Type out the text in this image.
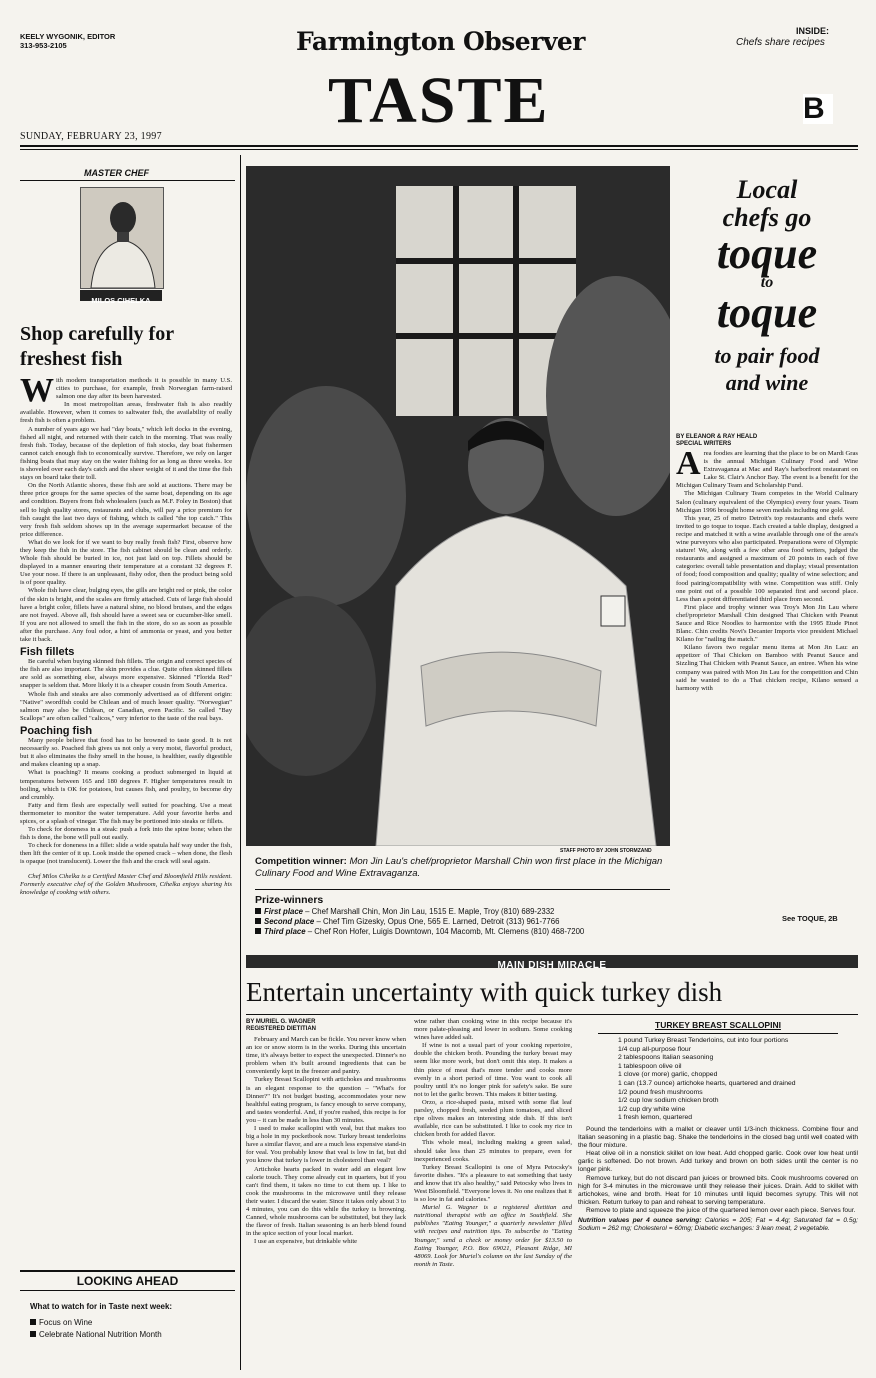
KEELY WYGONIK, EDITOR
313-953-2105	Farmington Observer
TASTE	B
INSIDE:
Chefs share recipes
SUNDAY, FEBRUARY 23, 1997
MASTER CHEF
MILOS CIHELKA
Shop carefully for freshest fish
W ith modern transportation methods it is possible in many U.S. cities to purchase, for example, fresh Norwegian farm-raised salmon one day after its been harvested.

In most metropolitan areas, freshwater fish is also readily available. However, when it comes to saltwater fish, the availability of really fresh fish is often a problem.

A number of years ago we had "day boats," which left docks in the evening, fished all night, and returned with their catch in the morning. That was really fresh fish. Today, because of the depletion of fish stocks, day boat fishermen cannot catch enough fish to economically survive. Therefore, we rely on larger fishing boats that may stay on the water fishing for as long as three weeks. Ice is shoveled over each day's catch and the sheer weight of it and the time the fish stays on board take their toll.

On the North Atlantic shores, these fish are sold at auctions. There may be three price groups for the same species of the same boat, depending on its age and condition. Buyers from fish wholesalers (such as M.F. Foley in Boston) that sell to high quality stores, restaurants and clubs, will pay a price premium for fish caught the last two days of fishing, which is called "the top catch." This very fresh fish seldom shows up in the average supermarket because of the price difference.

What do we look for if we want to buy really fresh fish? First, observe how they keep the fish in the store. The fish cabinet should be clean and orderly. Whole fish should be buried in ice, not just laid on top. Fillets should be displayed in a manner ensuring their temperature at a constant 32 degrees F. Use your nose. If there is an unpleasant, fishy odor, then the product being sold is of poor quality.

Whole fish have clear, bulging eyes, the gills are bright red or pink, the color of the skin is bright, and the scales are firmly attached. Cuts of large fish should have a bright color, fillets have a natural shine, no blood bruises, and the edges are not frayed. Above all, fish should have a sweet sea or cucumber-like smell. If you are not allowed to smell the fish in the store, do so as soon as possible after the purchase. Any foul odor, a hint of ammonia or yeast, and you better take it back.

Fish fillets

Be careful when buying skinned fish fillets. The origin and correct species of the fish are also important. The skin provides a clue. Quite often skinned fillets are sold as something else, always more expensive. Skinned "Florida Red" snapper is seldom that. More likely it is a cheaper cousin from South America.

Whole fish and steaks are also commonly advertised as of different origin: "Native" swordfish could be Chilean and of much lesser quality. "Norwegian" salmon may also be Chilean, or Canadian, even Pacific. So called "Bay Scallops" are often called "calicos," very inferior to the taste of the real bays.

Poaching fish

Many people believe that food has to be browned to taste good. It is not necessarily so. Poached fish gives us not only a very moist, flavorful product, but it also eliminates the fishy smell in the house, is healthier, easily digestible and makes cleaning up a snap.

What is poaching? It means cooking a product submerged in liquid at temperatures between 165 and 180 degrees F. Higher temperatures result in boiling, which is OK for potatoes, but causes fish, and poultry, to become dry and crumbly.

Fatty and firm flesh are especially well suited for poaching. Use a meat thermometer to monitor the water temperature. Add your favorite herbs and spices, or a splash of vinegar. The fish may be portioned into steaks or fillets.

To check for doneness in a steak: push a fork into the spine bone; when the fish is done, the bone will pull out easily.

To check for doneness in a fillet: slide a wide spatula half way under the fish, then lift the center of it up. Look inside the opened crack – when done, the flesh is opaque (not translucent). Lower the fish and the crack will seal again.

Chef Milos Cihelka is a Certified Master Chef and Bloomfield Hills resident. Formerly executive chef of the Golden Mushroom, Cihelka enjoys sharing his knowledge of cooking with others.

LOOKING AHEAD
What to watch for in Taste next week:
Focus on Wine
Celebrate National Nutrition Month
STAFF PHOTO BY JOHN STORMZAND
Competition winner: Mon Jin Lau's chef/proprietor Marshall Chin won first place in the Michigan Culinary Food and Wine Extravaganza.
Prize-winners
First place – Chef Marshall Chin, Mon Jin Lau, 1515 E. Maple, Troy (810) 689-2332
Second place – Chef Tim Gizesky, Opus One, 565 E. Larned, Detroit (313) 961-7766
Third place – Chef Ron Hofer, Luigis Downtown, 104 Macomb, Mt. Clemens (810) 468-7200
Local
chefs go
toque
to
toque
to pair food
and wine
BY ELEANOR & RAY HEALD
SPECIAL WRITERS
A rea foodies are learning that the place to be on Mardi Gras is the annual Michigan Culinary Food and Wine Extravaganza at Mac and Ray's harborfront restaurant on Lake St. Clair's Anchor Bay. The event is a benefit for the Michigan Culinary Team and Scholarship Fund.

The Michigan Culinary Team competes in the World Culinary Salon (culinary equivalent of the Olympics) every four years. Team Michigan 1996 brought home seven medals including one gold.

This year, 25 of metro Detroit's top restaurants and chefs were invited to go toque to toque. Each created a table display, designed a recipe and matched it with a wine available through one of the area's wine purveyors who also participated. Preparations were of Olympic stature! We, along with a few other area food writers, judged the restaurants and assigned a maximum of 20 points in each of five categories: overall table presentation and display; visual presentation of food; food composition and quality; quality of wine selection; and food pairing/compatibility with wine. Competition was stiff. Only one point out of a possible 100 separated first and second place. Less than a point differentiated third place from second.

First place and trophy winner was Troy's Mon Jin Lau where chef/proprietor Marshall Chin designed Thai Chicken with Peanut Sauce and Rice Noodles to harmonize with the 1995 Etude Pinot Blanc. Chin credits Novi's Decanter Imports vice president Michael Kilano for "nailing the match."

Kilano favors two regular menu items at Mon Jin Lau: an appetizer of Thai Chicken on Bamboo with Peanut Sauce and Sizzling Thai Chicken with Peanut Sauce, an entree. When his wine company was paired with Mon Jin Lau for the competition and Chin said he wanted to do a Thai chicken recipe, Kilano sensed a harmony with

See TOQUE, 2B
MAIN DISH MIRACLE
Entertain uncertainty with quick turkey dish
BY MURIEL G. WAGNER
REGISTERED DIETITIAN

February and March can be fickle. You never know when an ice or snow storm is in the works. During this uncertain time, it's always better to expect the unexpected. Dinner's no problem when it's built around ingredients that can be conveniently kept in the freezer and pantry.

Turkey Breast Scallopini with artichokes and mushrooms is an elegant response to the question – "What's for Dinner?" It's not budget busting, accommodates your new healthful eating program, is fancy enough to serve company, and tastes wonderful. And, if you're rushed, this recipe is for you – it can be made in less than 30 minutes.

I used to make scallopini with veal, but that makes too big a hole in my pocketbook now. Turkey breast tenderloins have a similar flavor, and are a much less expensive stand-in for veal. You probably know that veal is low in fat, but did you know that turkey is lower in cholesterol than veal?

Artichoke hearts packed in water add an elegant low calorie touch. They come already cut in quarters, but if you can't find them, it takes no time to cut them up. I like to cook the mushrooms in the microwave until they release their water. I discard the water. Since it takes only about 3 to 4 minutes, you can do this while the turkey is browning. Canned, whole mushrooms can be substituted, but they lack the flavor of fresh. Italian seasoning is an herb blend found in the spice section of your local market.

I use an expensive, but drinkable white

wine rather than cooking wine in this recipe because it's more palate-pleasing and lower in sodium. Some cooking wines have added salt.

If wine is not a usual part of your cooking repertoire, double the chicken broth. Pounding the turkey breast may seem like more work, but don't omit this step. It makes a thin piece of meat that's more tender and cooks more evenly in a short period of time. You want to cook all poultry until it's no longer pink for safety's sake. Be sure not to let the garlic brown. This makes it bitter tasting.

Orzo, a rice-shaped pasta, mixed with some flat leaf parsley, chopped fresh, seeded plum tomatoes, and sliced ripe olives makes an interesting side dish. If this isn't available, rice can be substituted. I like to cook my rice in chicken broth for added flavor.

This whole meal, including making a green salad, should take less than 25 minutes to prepare, even for inexperienced cooks.

Turkey Breast Scallopini is one of Myra Petocsky's favorite dishes. "It's a pleasure to eat something that tasty and know that it's also healthy," said Petocsky who lives in West Bloomfield. "Everyone loves it. No one realizes that it is so low in fat and calories."

Muriel G. Wagner is a registered dietitian and nutritional therapist with an office in Southfield. She publishes "Eating Younger," a quarterly newsletter filled with recipes and nutrition tips. To subscribe to "Eating Younger," send a check or money order for $13.50 to Eating Younger, P.O. Box 69021, Pleasant Ridge, MI 48069. Look for Muriel's column on the last Sunday of the month in Taste.

TURKEY BREAST SCALLOPINI
1 pound Turkey Breast Tenderloins, cut into four portions
1/4 cup all-purpose flour
2 tablespoons Italian seasoning
1 tablespoon olive oil
1 clove (or more) garlic, chopped
1 can (13.7 ounce) artichoke hearts, quartered and drained
1/2 pound fresh mushrooms
1/2 cup low sodium chicken broth
1/2 cup dry white wine
1 fresh lemon, quartered

Pound the tenderloins with a mallet or cleaver until 1/3-inch thickness. Combine flour and Italian seasoning in a plastic bag. Shake the tenderloins in the closed bag until well coated with the flour mixture.

Heat olive oil in a nonstick skillet on low heat. Add chopped garlic. Cook over low heat until garlic is softened. Do not brown. Add turkey and brown on both sides until the center is no longer pink.

Remove turkey, but do not discard pan juices or browned bits. Cook mushrooms covered on high for 3-4 minutes in the microwave until they release their juices. Drain. Add to skillet with artichokes, wine and broth. Heat for 10 minutes until liquid becomes syrupy. This will not thicken. Return turkey to pan and reheat to serving temperature.

Remove to plate and squeeze the juice of the quartered lemon over each piece. Serves four.

Nutrition values per 4 ounce serving: Calories = 205; Fat = 4.4g; Saturated fat = 0.5g; Sodium = 262 mg; Cholesterol = 60mg; Diabetic exchanges: 3 lean meat, 2 vegetable.
